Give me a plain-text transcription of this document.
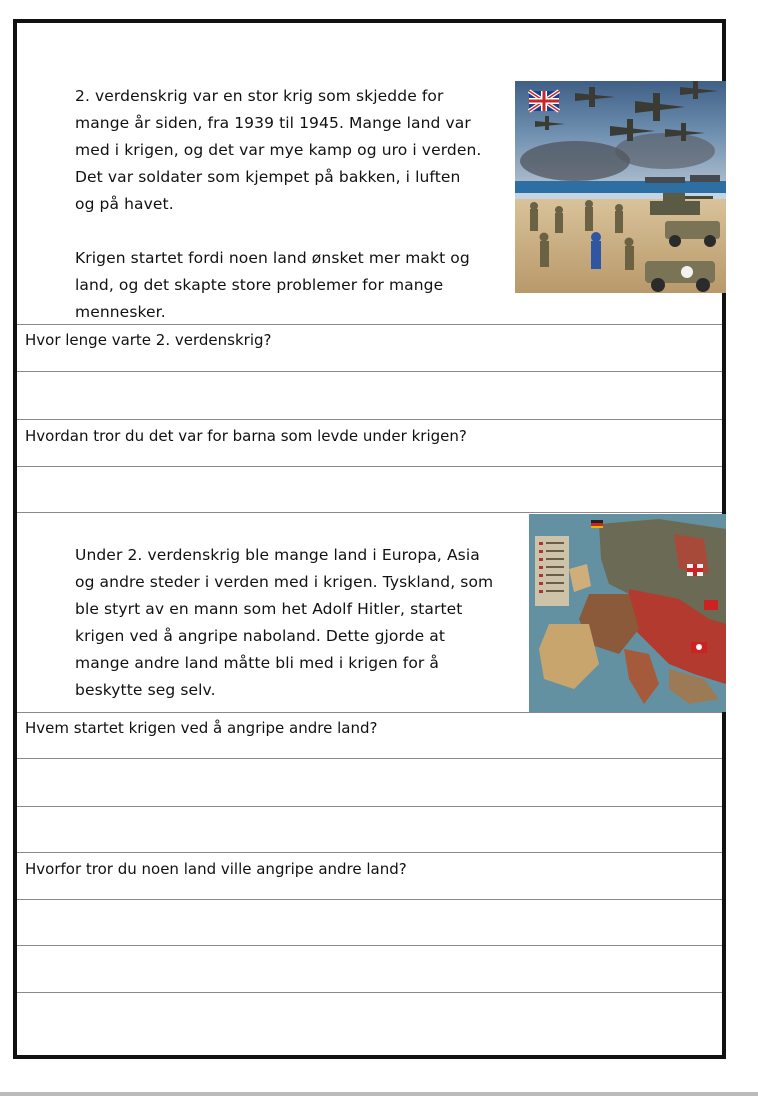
2. verdenskrig var en stor krig som skjedde for

mange år siden, fra 1939 til 1945. Mange land var

med i krigen, og det var mye kamp og uro i verden.

Det var soldater som kjempet på bakken, i luften

og på havet.

Krigen startet fordi noen land ønsket mer makt og

land, og det skapte store problemer for mange

mennesker.

Hvor lenge varte 2. verdenskrig?
Hvordan tror du det var for barna som levde under krigen?

Under 2. verdenskrig ble mange land i Europa, Asia

og andre steder i verden med i krigen. Tyskland, som

ble styrt av en mann som het Adolf Hitler, startet

krigen ved å angripe naboland. Dette gjorde at

mange andre land måtte bli med i krigen for å

beskytte seg selv.

Hvem startet krigen ved å angripe andre land?
Hvorfor tror du noen land ville angripe andre land?
